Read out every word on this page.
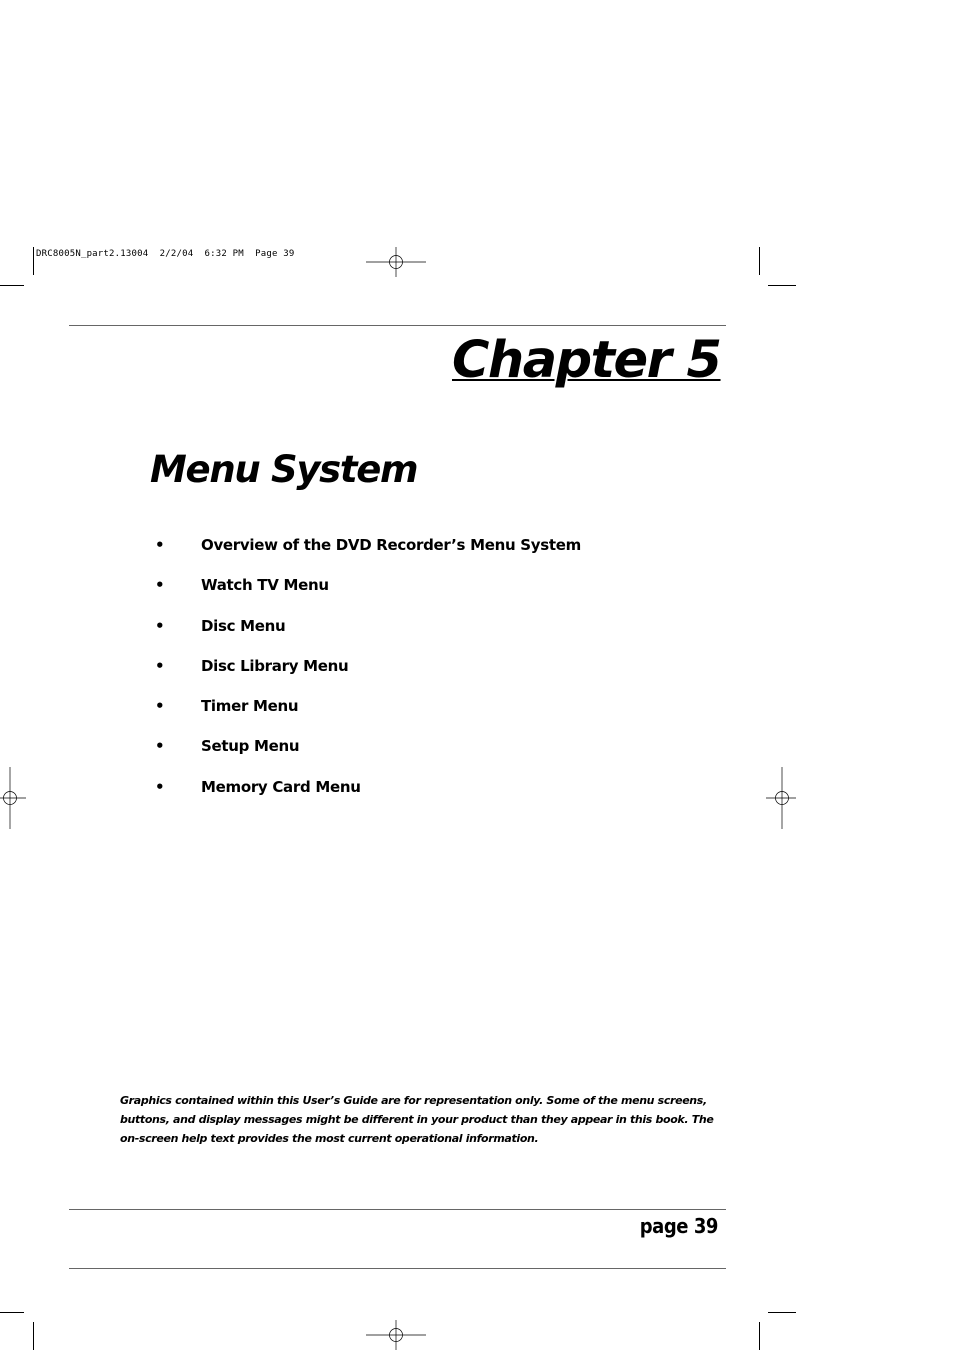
DRC8005N_part2.13004  2/2/04  6:32 PM  Page 39
Chapter 5
Menu System
• Overview of the DVD Recorder’s Menu System
• Watch TV Menu
• Disc Menu
• Disc Library Menu
• Timer Menu
• Setup Menu
• Memory Card Menu
Graphics contained within this User’s Guide are for representation only. Some of the menu screens,
buttons, and display messages might be different in your product than they appear in this book. The
on-screen help text provides the most current operational information.
page 39
